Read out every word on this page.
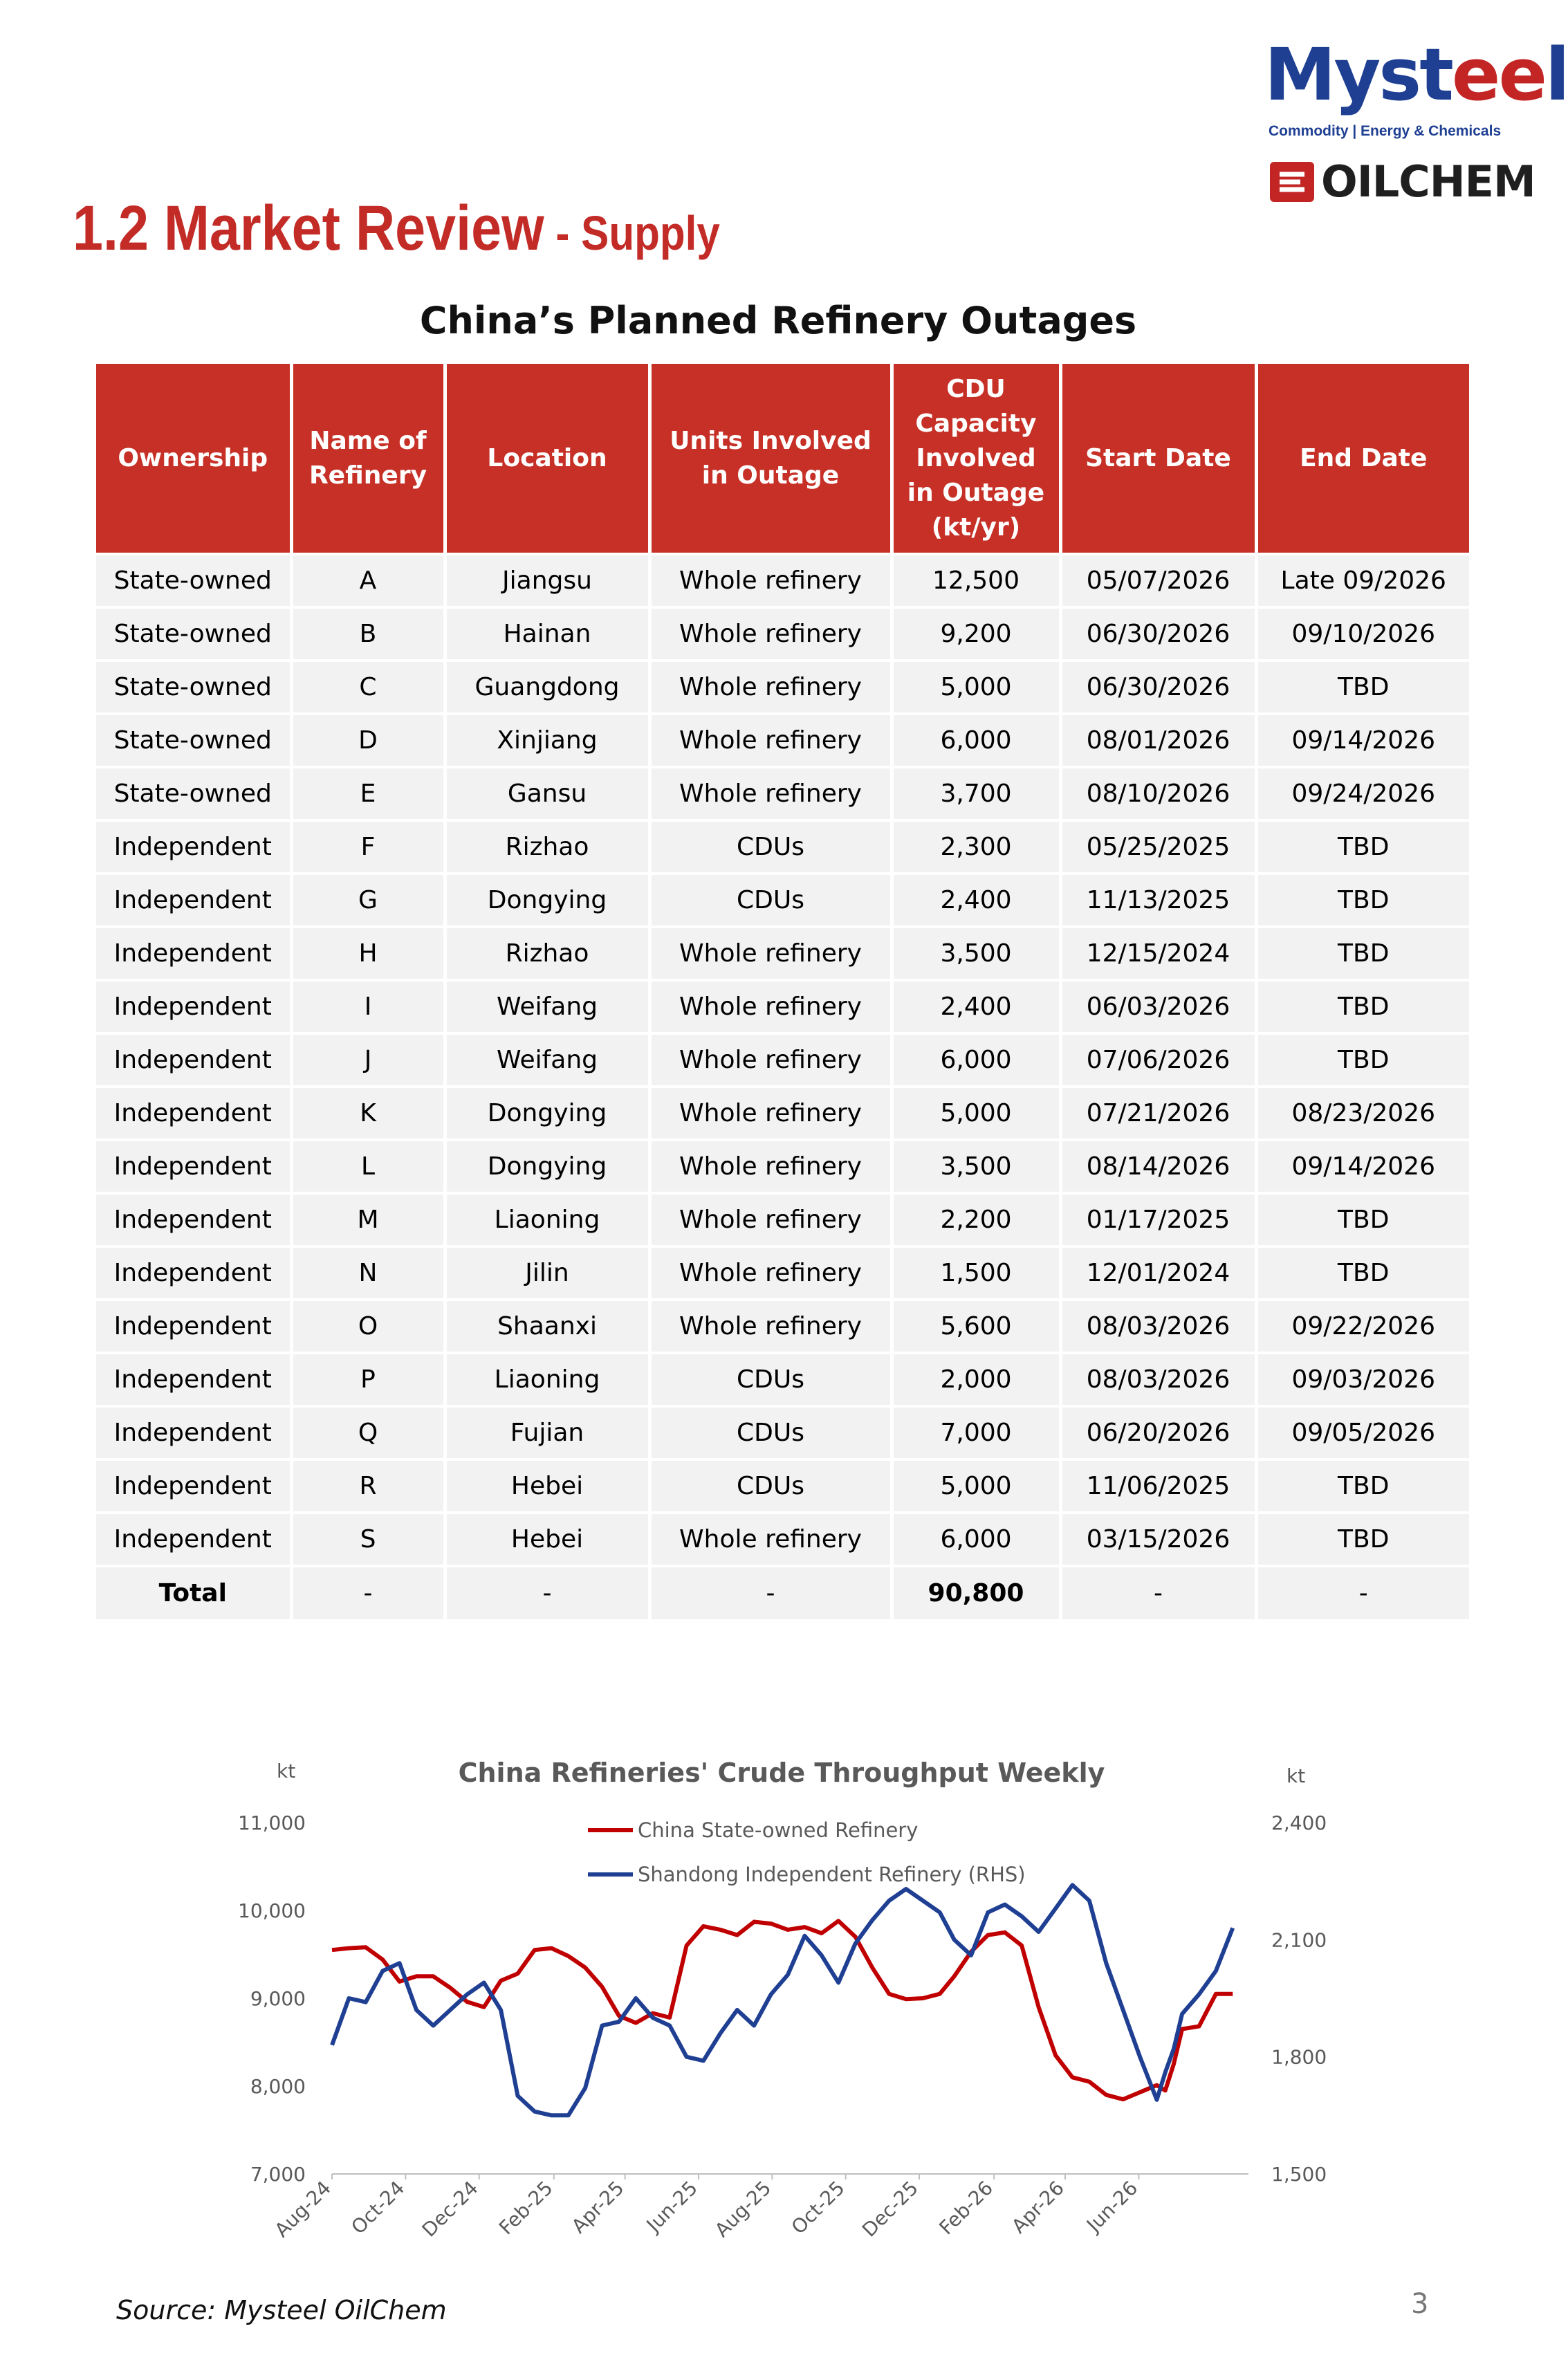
Mysteel
Commodity | Energy & Chemicals
OILCHEM
1.2 Market Review - Supply
China’s Planned Refinery Outages
Ownership	Name of Refinery	Location	Units Involved in Outage	CDU Capacity Involved in Outage (kt/yr)	Start Date	End Date
State-owned	A	Jiangsu	Whole refinery	12,500	05/07/2026	Late 09/2026
State-owned	B	Hainan	Whole refinery	9,200	06/30/2026	09/10/2026
State-owned	C	Guangdong	Whole refinery	5,000	06/30/2026	TBD
State-owned	D	Xinjiang	Whole refinery	6,000	08/01/2026	09/14/2026
State-owned	E	Gansu	Whole refinery	3,700	08/10/2026	09/24/2026
Independent	F	Rizhao	CDUs	2,300	05/25/2025	TBD
Independent	G	Dongying	CDUs	2,400	11/13/2025	TBD
Independent	H	Rizhao	Whole refinery	3,500	12/15/2024	TBD
Independent	I	Weifang	Whole refinery	2,400	06/03/2026	TBD
Independent	J	Weifang	Whole refinery	6,000	07/06/2026	TBD
Independent	K	Dongying	Whole refinery	5,000	07/21/2026	08/23/2026
Independent	L	Dongying	Whole refinery	3,500	08/14/2026	09/14/2026
Independent	M	Liaoning	Whole refinery	2,200	01/17/2025	TBD
Independent	N	Jilin	Whole refinery	1,500	12/01/2024	TBD
Independent	O	Shaanxi	Whole refinery	5,600	08/03/2026	09/22/2026
Independent	P	Liaoning	CDUs	2,000	08/03/2026	09/03/2026
Independent	Q	Fujian	CDUs	7,000	06/20/2026	09/05/2026
Independent	R	Hebei	CDUs	5,000	11/06/2025	TBD
Independent	S	Hebei	Whole refinery	6,000	03/15/2026	TBD
Total	-	-	-	90,800	-	-
China Refineries' Crude Throughput Weekly
kt	kt
7,000
8,000
9,000
10,000
11,000
1,500
1,800
2,100
2,400
Aug-24 Oct-24 Dec-24 Feb-25 Apr-25 Jun-25 Aug-25 Oct-25 Dec-25 Feb-26 Apr-26 Jun-26
China State-owned Refinery
Shandong Independent Refinery (RHS)
Source: Mysteel OilChem	3
